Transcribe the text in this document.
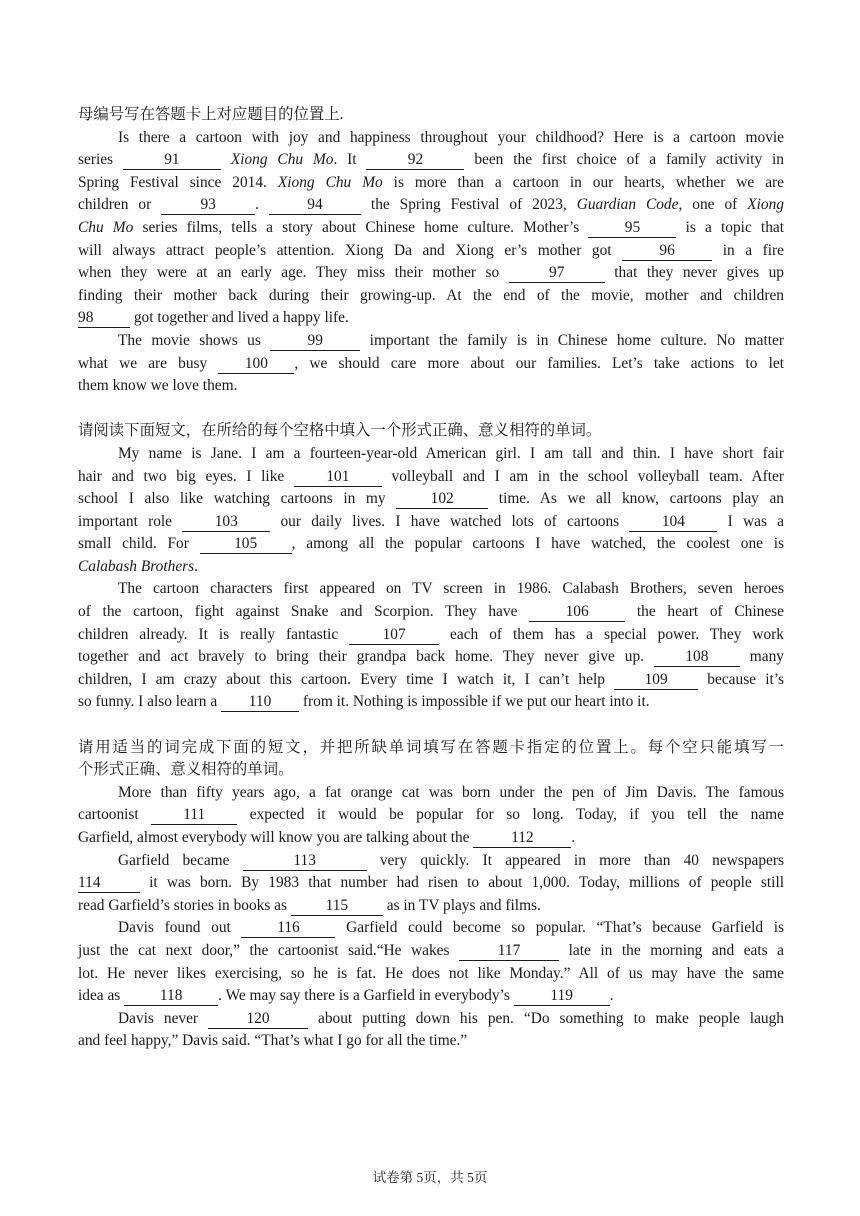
母编号写在答题卡上对应题目的位置上.
Is there a cartoon with joy and happiness throughout your childhood? Here is a cartoon movie
series	91	Xiong Chu Mo. It	92	been the first choice of a family activity in
Spring Festival since 2014. Xiong Chu Mo is more than a cartoon in our hearts, whether we are
children or	93	. 94 the Spring Festival of 2023, Guardian Code, one of Xiong
Chu Mo series films, tells a story about Chinese home culture. Mother’s 95 is a topic that
will always attract people’s attention. Xiong Da and Xiong er’s mother got 96 in a fire
when they were at an early age. They miss their mother so	97	that they never gives up
finding their mother back during their growing-up. At the end of the movie, mother and children
98 got together and lived a happy life.
The movie shows us 99 important the family is in Chinese home culture. No matter
what we are busy 100 , we should care more about our families. Let’s take actions to let
them know we love them.
请阅读下面短文，在所给的每个空格中填入一个形式正确、意义相符的单词。
My name is Jane. I am a fourteen-year-old American girl. I am tall and thin. I have short fair
hair and two big eyes. I like 101 volleyball and I am in the school volleyball team. After
school I also like watching cartoons in my 102 time. As we all know, cartoons play an
important role 103 our daily lives. I have watched lots of cartoons 104 I was a
small child. For 105 , among all the popular cartoons I have watched, the coolest one is
Calabash Brothers.
The cartoon characters first appeared on TV screen in 1986. Calabash Brothers, seven heroes
of the cartoon, fight against Snake and Scorpion. They have 106 the heart of Chinese
children already. It is really fantastic 107 each of them has a special power. They work
together and act bravely to bring their grandpa back home. They never give up. 108 many
children, I am crazy about this cartoon. Every time I watch it, I can’t help 109 because it’s
so funny. I also learn a 110 from it. Nothing is impossible if we put our heart into it.
请用适当的词完成下面的短文，并把所缺单词填写在答题卡指定的位置上。每个空只能填写一
个形式正确、意义相符的单词。
More than fifty years ago, a fat orange cat was born under the pen of Jim Davis. The famous
cartoonist 111 expected it would be popular for so long. Today, if you tell the name
Garfield, almost everybody will know you are talking about the 112 .
Garfield became	113	very quickly. It appeared in more than 40 newspapers
114	it was born. By 1983 that number had risen to about 1,000. Today, millions of people still
read Garfield’s stories in books as 115 as in TV plays and films.
Davis found out 116 Garfield could become so popular. “That’s because Garfield is
just the cat next door,” the cartoonist said.“He wakes	117	late in the morning and eats a
lot. He never likes exercising, so he is fat. He does not like Monday.” All of us may have the same
idea as 118 . We may say there is a Garfield in everybody’s 119 .
Davis never 120 about putting down his pen. “Do something to make people laugh
and feel happy,” Davis said. “That’s what I go for all the time.”
试卷第 5页，共 5页
